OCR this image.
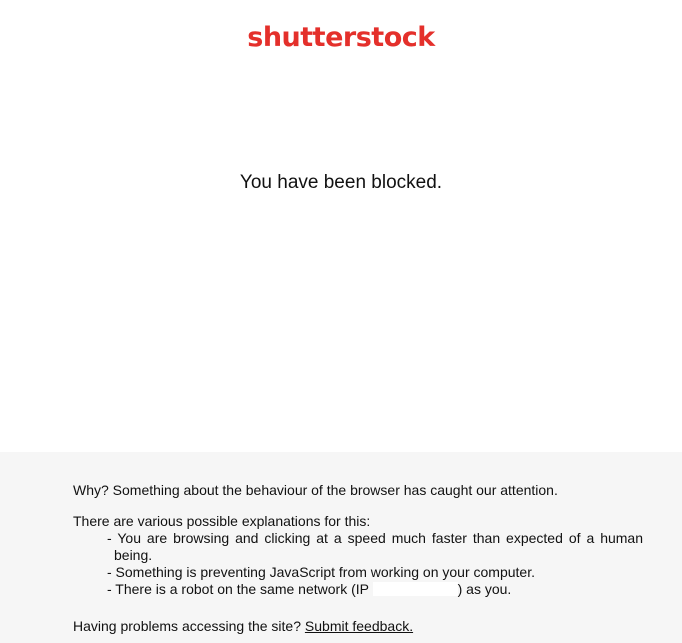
shutterstock
You have been blocked.

Why? Something about the behaviour of the browser has caught our attention.

There are various possible explanations for this:

- You are browsing and clicking at a speed much faster than expected of a human being.
- Something is preventing JavaScript from working on your computer.
- There is a robot on the same network (IP	) as you.

Having problems accessing the site? Submit feedback.
